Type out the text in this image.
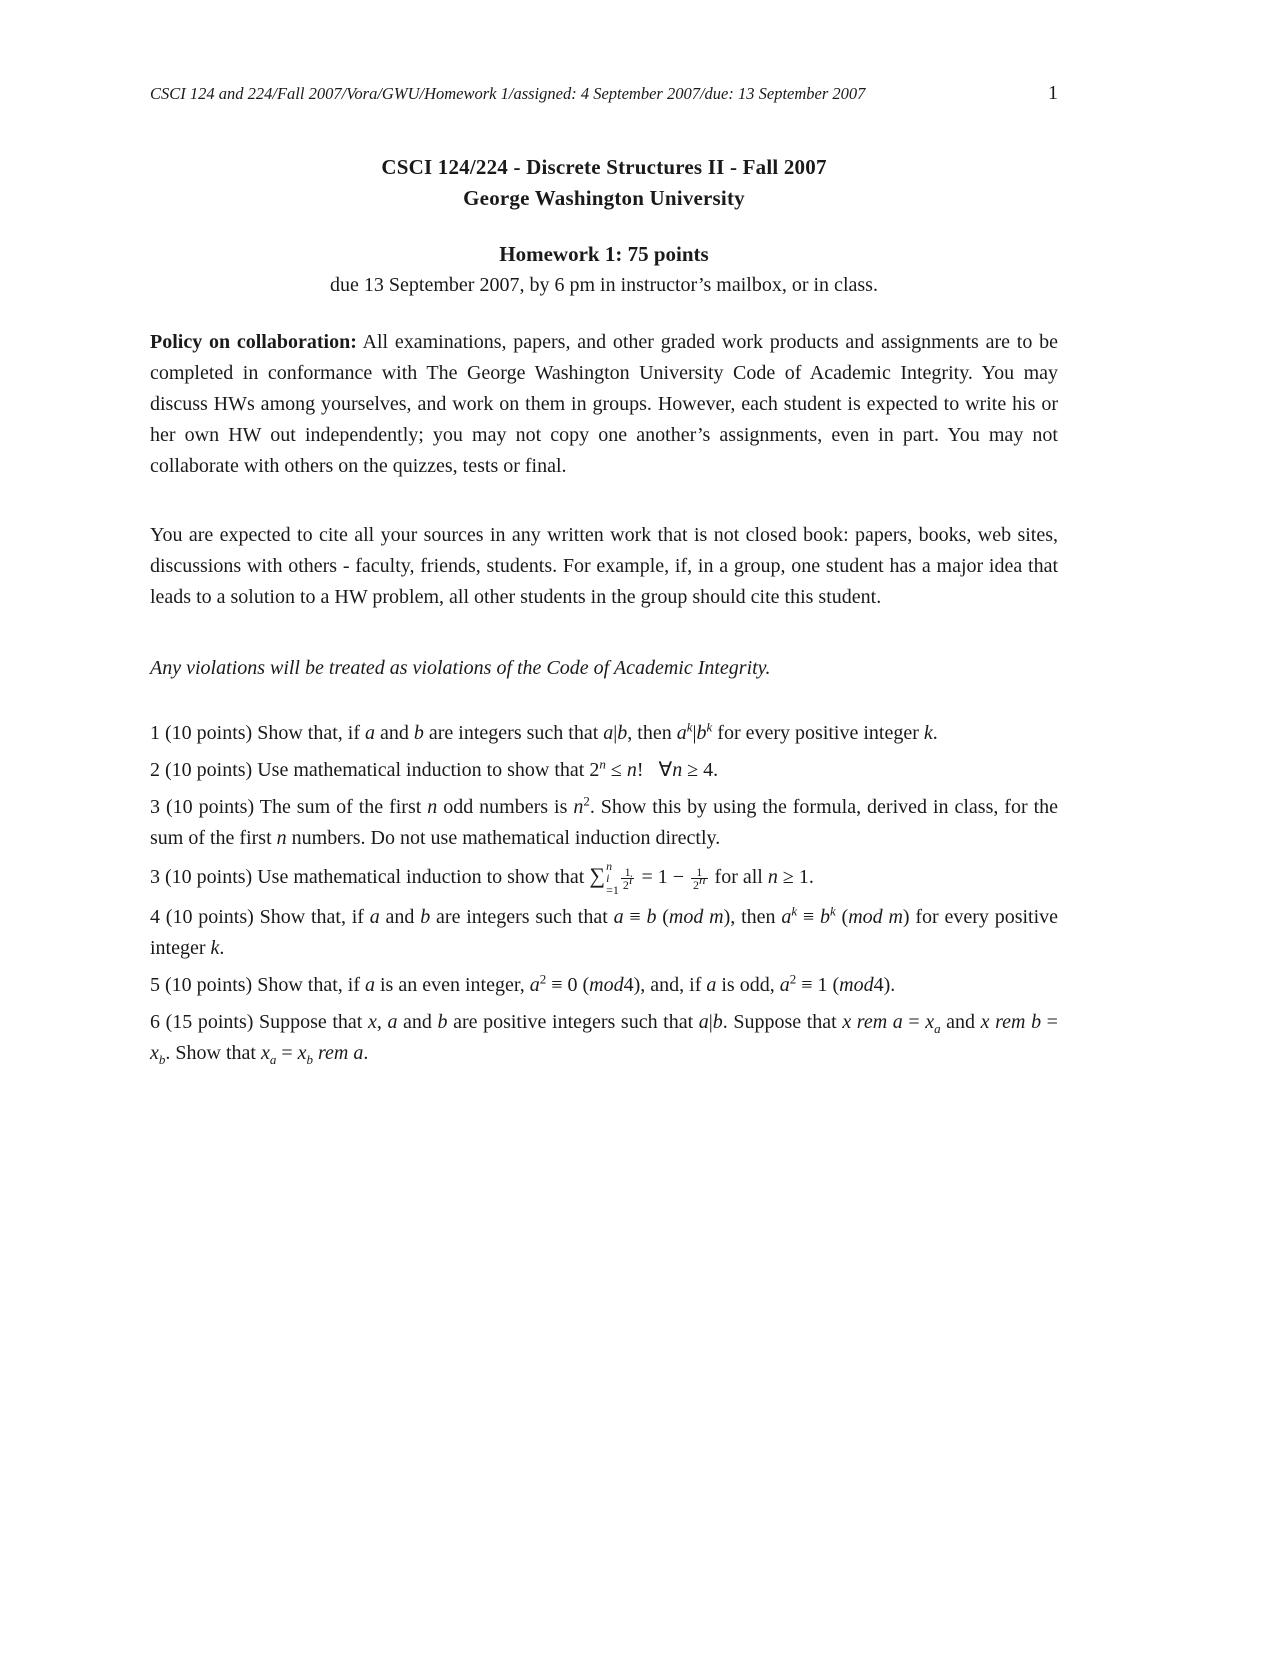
CSCI 124 and 224/Fall 2007/Vora/GWU/Homework 1/assigned: 4 September 2007/due: 13 September 2007	1
CSCI 124/224 - Discrete Structures II - Fall 2007
George Washington University
Homework 1: 75 points
due 13 September 2007, by 6 pm in instructor’s mailbox, or in class.
Policy on collaboration: All examinations, papers, and other graded work products and assignments are to be completed in conformance with The George Washington University Code of Academic Integrity. You may discuss HWs among yourselves, and work on them in groups. However, each student is expected to write his or her own HW out independently; you may not copy one another’s assignments, even in part. You may not collaborate with others on the quizzes, tests or final.
You are expected to cite all your sources in any written work that is not closed book: papers, books, web sites, discussions with others - faculty, friends, students. For example, if, in a group, one student has a major idea that leads to a solution to a HW problem, all other students in the group should cite this student.
Any violations will be treated as violations of the Code of Academic Integrity.
1 (10 points) Show that, if a and b are integers such that a|b, then $a^k|b^k$ for every positive integer k.
2 (10 points) Use mathematical induction to show that $2^n \le n$!   ∀n ≥ 4.
3 (10 points) The sum of the first n odd numbers is $n^2$. Show this by using the formula, derived in class, for the sum of the first n numbers. Do not use mathematical induction directly.
3 (10 points) Use mathematical induction to show that ∑ n
i
$=1 \frac{1}{2^i} = 1 - \frac{1}{2^n}$ for all n ≥ 1.
4 (10 points) Show that, if a and b are integers such that a ≡ b (mod m), then $a^k \equiv b^k$ (mod m) for every positive integer k.
5 (10 points) Show that, if a is an even integer, $a^2 \equiv 0$ (mod4), and, if a is odd, $a^2 \equiv 1$ (mod4).
6 (15 points) Suppose that x, a and b are positive integers such that a|b. Suppose that x rem $a = x_a$ and x rem $b = x_b$. Show that $x_a = x_b$ rem a.
